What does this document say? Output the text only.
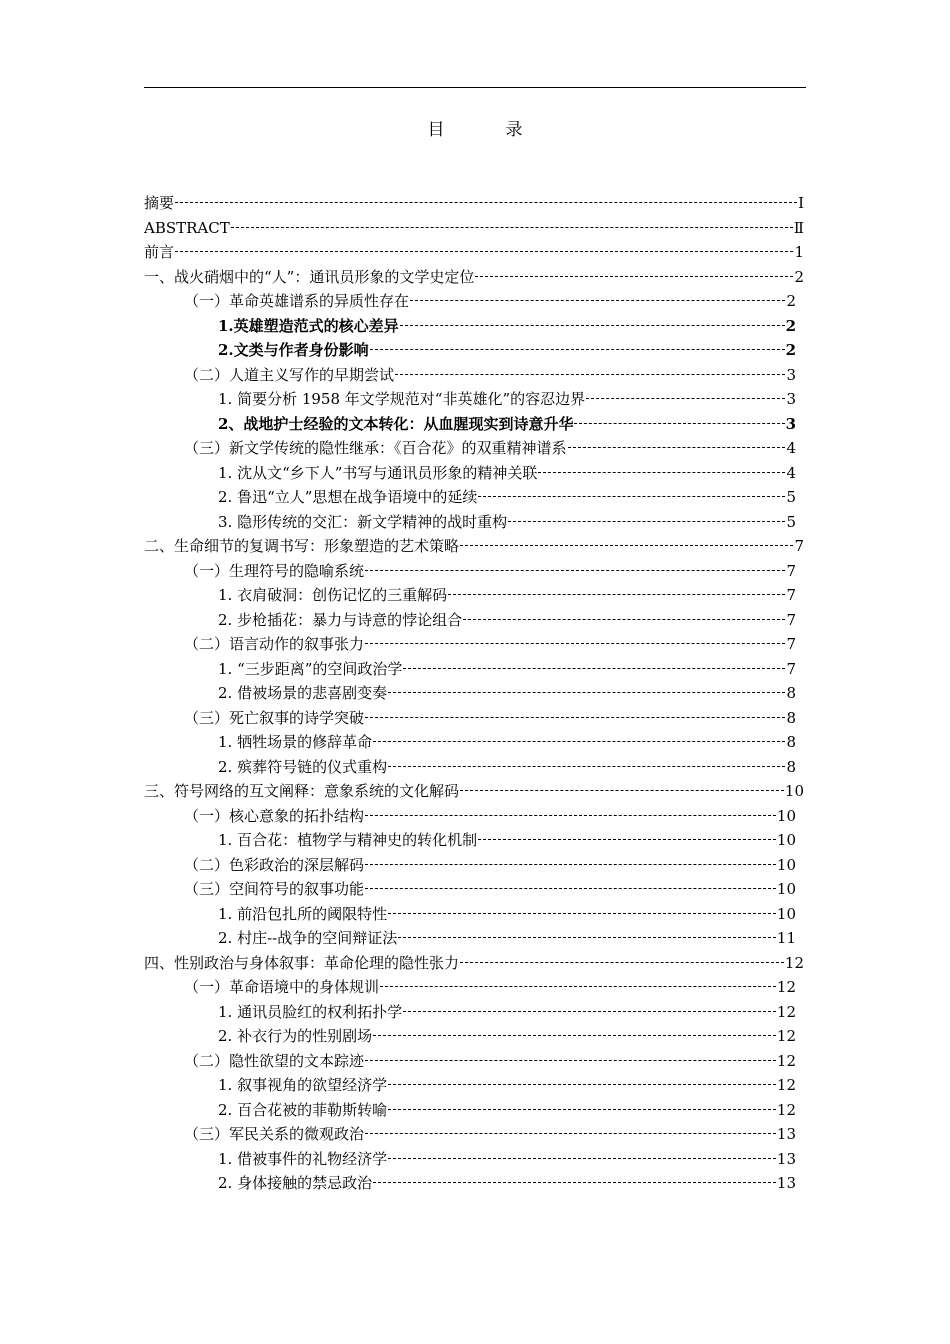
目　录
摘要	Ⅰ
ABSTRACT	Ⅱ
前言	1
一、战火硝烟中的“人”：通讯员形象的文学史定位	2
（一）革命英雄谱系的异质性存在	2
1.英雄塑造范式的核心差异	2
2.文类与作者身份影响	2
（二）人道主义写作的早期尝试	3
1. 简要分析 1958 年文学规范对“非英雄化”的容忍边界	3
2、战地护士经验的文本转化：从血腥现实到诗意升华	3
（三）新文学传统的隐性继承：《百合花》的双重精神谱系	4
1. 沈从文“乡下人”书写与通讯员形象的精神关联	4
2. 鲁迅“立人”思想在战争语境中的延续	5
3. 隐形传统的交汇：新文学精神的战时重构	5
二、生命细节的复调书写：形象塑造的艺术策略	7
（一）生理符号的隐喻系统	7
1. 衣肩破洞：创伤记忆的三重解码	7
2. 步枪插花：暴力与诗意的悖论组合	7
（二）语言动作的叙事张力	7
1. “三步距离”的空间政治学	7
2. 借被场景的悲喜剧变奏	8
（三）死亡叙事的诗学突破	8
1. 牺牲场景的修辞革命	8
2. 殡葬符号链的仪式重构	8
三、符号网络的互文阐释：意象系统的文化解码	10
（一）核心意象的拓扑结构	10
1. 百合花：植物学与精神史的转化机制	10
（二）色彩政治的深层解码	10
（三）空间符号的叙事功能	10
1. 前沿包扎所的阈限特性	10
2. 村庄--战争的空间辩证法	11
四、性别政治与身体叙事：革命伦理的隐性张力	12
（一）革命语境中的身体规训	12
1. 通讯员脸红的权利拓扑学	12
2. 补衣行为的性别剧场	12
（二）隐性欲望的文本踪迹	12
1. 叙事视角的欲望经济学	12
2. 百合花被的菲勒斯转喻	12
（三）军民关系的微观政治	13
1. 借被事件的礼物经济学	13
2. 身体接触的禁忌政治	13
